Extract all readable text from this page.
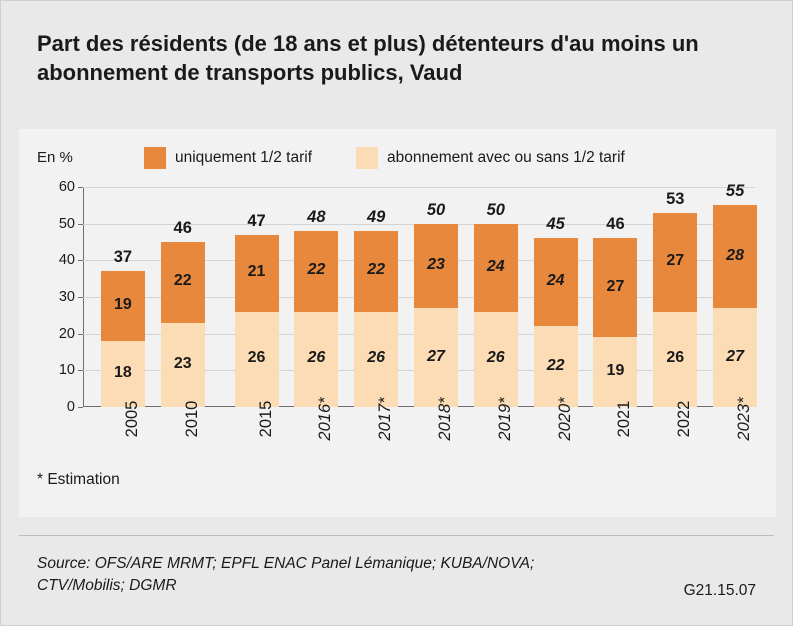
Part des résidents (de 18 ans et plus) détenteurs d'au moins un abonnement de transports publics, Vaud
En %	uniquement 1/2 tarif	abonnement avec ou sans 1/2 tarif
0
10
20
30
40
50
60
18
19
37
2005
23
22
46
2010
26
21
47
2015
26
22
48
2016*
26
22
49
2017*
27
23
50
2018*
26
24
50
2019*
22
24
45
2020*
19
27
46
2021
26
27
53
2022
27
28
55
2023*
* Estimation
Source: OFS/ARE MRMT; EPFL ENAC Panel Lémanique; KUBA/NOVA; CTV/Mobilis; DGMR	G21.15.07
